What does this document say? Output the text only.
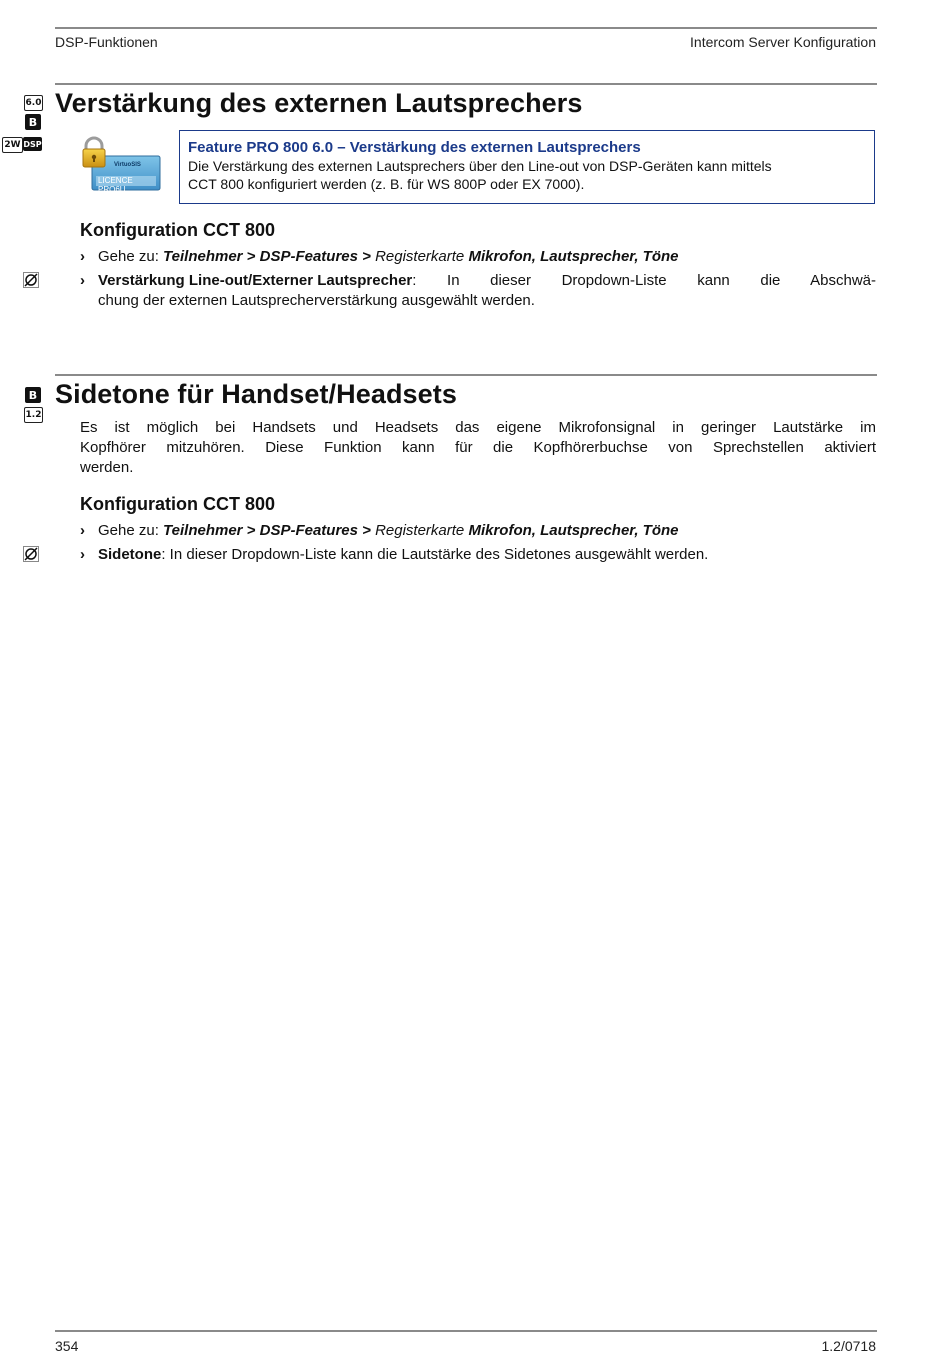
DSP-Funktionen	Intercom Server Konfiguration
6.0
B
2W DSP
Verstärkung des externen Lautsprechers
VirtuoSIS
LICENCE PRO6U
Feature PRO 800 6.0 – Verstärkung des externen Lautsprechers
Die Verstärkung des externen Lautsprechers über den Line-out von DSP-Geräten kann mittels
CCT 800 konfiguriert werden (z. B. für WS 800P oder EX 7000).
Konfiguration CCT 800
› Gehe zu: Teilnehmer > DSP-Features > Registerkarte Mikrofon, Lautsprecher, Töne
› Verstärkung Line-out/Externer Lautsprecher : In dieser Dropdown-Liste kann die Abschwä-
chung der externen Lautsprecherverstärkung ausgewählt werden.
B
1.2
Sidetone für Handset/Headsets
Es ist möglich bei Handsets und Headsets das eigene Mikrofonsignal in geringer Lautstärke im
Kopfhörer mitzuhören. Diese Funktion kann für die Kopfhörerbuchse von Sprechstellen aktiviert
werden.
Konfiguration CCT 800
› Gehe zu: Teilnehmer > DSP-Features > Registerkarte Mikrofon, Lautsprecher, Töne
› Sidetone: In dieser Dropdown-Liste kann die Lautstärke des Sidetones ausgewählt werden.
354	1.2/0718
